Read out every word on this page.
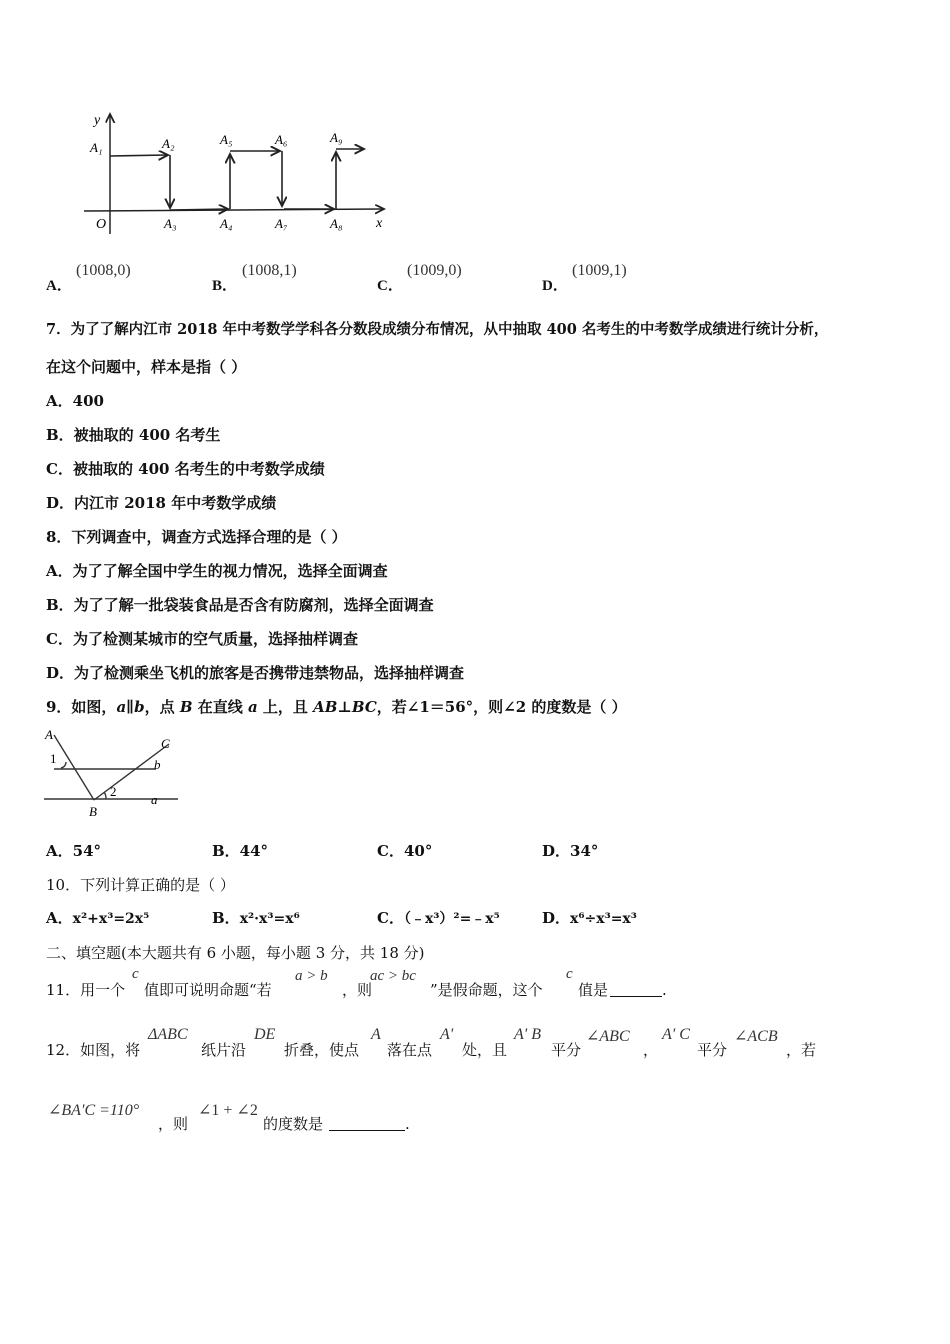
y
x
O
A₁	A₂
A₃	A₄
A₅	A₆
A₇	A₈
A₉
A．
(1008,0)
B．
(1008,1)
C．
(1009,0)
D．
(1009,1)
7．为了了解内江市 2018 年中考数学学科各分数段成绩分布情况，从中抽取 400 名考生的中考数学成绩进行统计分析，
在这个问题中，样本是指（ ）
A．400
B．被抽取的 400 名考生
C．被抽取的 400 名考生的中考数学成绩
D．内江市 2018 年中考数学成绩
8．下列调查中，调查方式选择合理的是（ ）
A．为了了解全国中学生的视力情况，选择全面调查
B．为了了解一批袋装食品是否含有防腐剂，选择全面调查
C．为了检测某城市的空气质量，选择抽样调查
D．为了检测乘坐飞机的旅客是否携带违禁物品，选择抽样调查
9．如图，a∥b，点 B 在直线 a 上，且 AB⊥BC，若∠1＝56°，则∠2 的度数是（ ）
A
C
B
a
b
1
2
A．54°	B．44°	C．40°	D．34°
10．下列计算正确的是（ ）
A．x²+x³=2x⁵	B．x²·x³=x⁶	C．（﹣x³）²=﹣x⁵	D．x⁶÷x³=x³
二、填空题(本大题共有 6 小题，每小题 3 分，共 18 分)
11．用一个
c
值即可说明命题“若
a > b
，则
ac > bc
”是假命题，这个
c
值是	.
12．如图，将
ΔABC
纸片沿
DE
折叠，使点
A
落在点
A'
处，且
A' B
平分
∠ABC
，
A' C
平分
∠ACB
，若
∠BA′C =110°
，则
∠1 + ∠2
的度数是	.
